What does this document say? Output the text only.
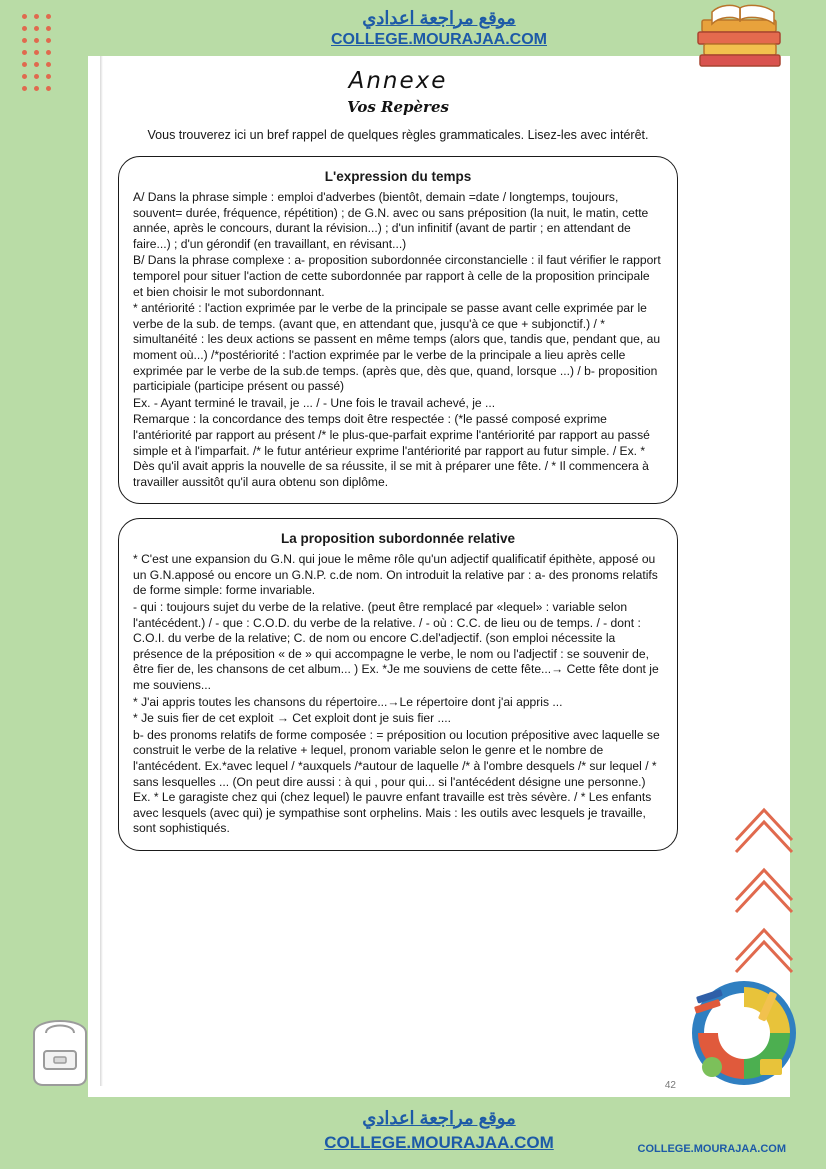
موقع مراجعة اعدادي
COLLEGE.MOURAJAA.COM
Annexe
Vos Repères
Vous trouverez ici un bref rappel de quelques règles grammaticales. Lisez-les avec intérêt.
L'expression du temps

A/ Dans la phrase simple : emploi d'adverbes (bientôt, demain =date / longtemps, toujours, souvent= durée, fréquence, répétition) ; de G.N. avec ou sans préposition (la nuit, le matin, cette année, après le concours, durant la révision...) ; d'un infinitif (avant de partir ; en attendant de faire...) ; d'un gérondif (en travaillant, en révisant...)

B/ Dans la phrase complexe : a- proposition subordonnée circonstancielle : il faut vérifier le rapport temporel pour situer l'action de cette subordonnée par rapport à celle de la proposition principale et bien choisir le mot subordonnant.

* antériorité : l'action exprimée par le verbe de la principale se passe avant celle exprimée par le verbe de la sub. de temps. (avant que, en attendant que, jusqu'à ce que + subjonctif.) / * simultanéité : les deux actions se passent en même temps (alors que, tandis que, pendant que, au moment où...) /*postériorité : l'action exprimée par le verbe de la principale a lieu après celle exprimée par le verbe de la sub.de temps. (après que, dès que, quand, lorsque ...) / b- proposition participiale (participe présent ou passé)

Ex. - Ayant terminé le travail, je ... / - Une fois le travail achevé, je ...

Remarque : la concordance des temps doit être respectée : (*le passé composé exprime l'antériorité par rapport au présent /* le plus-que-parfait exprime l'antériorité par rapport au passé simple et à l'imparfait. /* le futur antérieur exprime l'antériorité par rapport au futur simple. / Ex. * Dès qu'il avait appris la nouvelle de sa réussite, il se mit à préparer une fête. / * Il commencera à travailler aussitôt qu'il aura obtenu son diplôme.

La proposition subordonnée relative

* C'est une expansion du G.N. qui joue le même rôle qu'un adjectif qualificatif épithète, apposé ou un G.N.apposé ou encore un G.N.P. c.de nom. On introduit la relative par : a- des pronoms relatifs de forme simple: forme invariable.

- qui : toujours sujet du verbe de la relative. (peut être remplacé par «lequel» : variable selon l'antécédent.) / - que : C.O.D. du verbe de la relative. / - où : C.C. de lieu ou de temps. / - dont : C.O.I. du verbe de la relative; C. de nom ou encore C.del'adjectif. (son emploi nécessite la présence de la préposition « de » qui accompagne le verbe, le nom ou l'adjectif : se souvenir de, être fier de, les chansons de cet album... ) Ex. *Je me souviens de cette fête...→ Cette fête dont je me souviens...

* J'ai appris toutes les chansons du répertoire...→Le répertoire dont j'ai appris ...

* Je suis fier de cet exploit → Cet exploit dont je suis fier ....

b- des pronoms relatifs de forme composée : = préposition ou locution prépositive avec laquelle se construit le verbe de la relative + lequel, pronom variable selon le genre et le nombre de l'antécédent. Ex.*avec lequel / *auxquels /*autour de laquelle /* à l'ombre desquels /* sur lequel / * sans lesquelles ... (On peut dire aussi : à qui , pour qui... si l'antécédent désigne une personne.) Ex. * Le garagiste chez qui (chez lequel) le pauvre enfant travaille est très sévère. / * Les enfants avec lesquels (avec qui) je sympathise sont orphelins. Mais : les outils avec lesquels je travaille, sont sophistiqués.

42
موقع مراجعة اعدادي
COLLEGE.MOURAJAA.COM	COLLEGE.MOURAJAA.COM
